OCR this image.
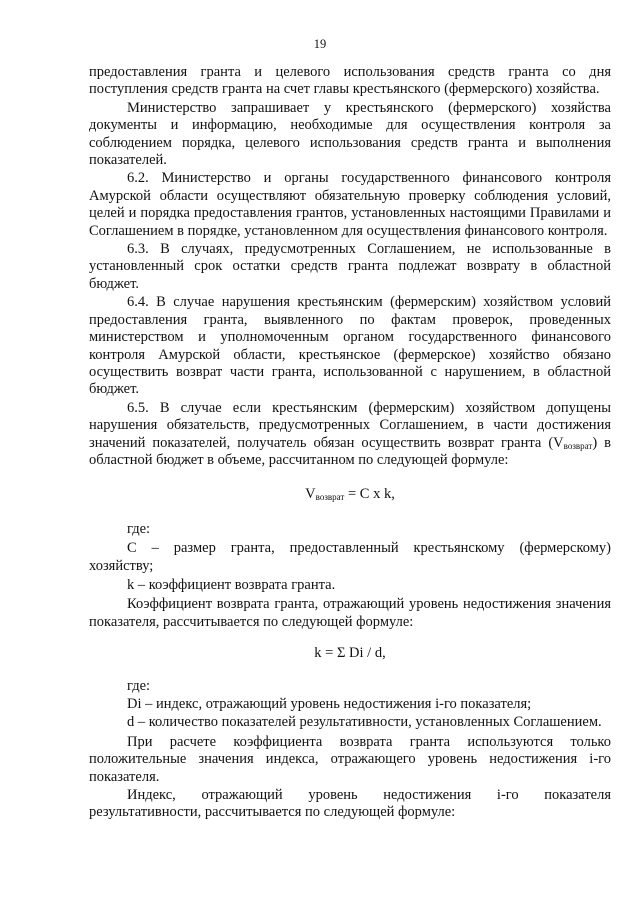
19

предоставления гранта и целевого использования средств гранта со дня поступления средств гранта на счет главы крестьянского (фермерского) хозяйства.

Министерство запрашивает у крестьянского (фермерского) хозяйства документы и информацию, необходимые для осуществления контроля за соблюдением порядка, целевого использования средств гранта и выполнения показателей.

6.2. Министерство и органы государственного финансового контроля Амурской области осуществляют обязательную проверку соблюдения условий, целей и порядка предоставления грантов, установленных настоящими Правилами и Соглашением в порядке, установленном для осуществления финансового контроля.

6.3. В случаях, предусмотренных Соглашением, не использованные в установленный срок остатки средств гранта подлежат возврату в областной бюджет.

6.4. В случае нарушения крестьянским (фермерским) хозяйством условий предоставления гранта, выявленного по фактам проверок, проведенных министерством и уполномоченным органом государственного финансового контроля Амурской области, крестьянское (фермерское) хозяйство обязано осуществить возврат части гранта, использованной с нарушением, в областной бюджет.

6.5. В случае если крестьянским (фермерским) хозяйством допущены нарушения обязательств, предусмотренных Соглашением, в части достижения значений показателей, получатель обязан осуществить возврат гранта $(V_{возврат})$ в областной бюджет в объеме, рассчитанном по следующей формуле:

$V_{возврат} = C$ x k,

где:

С – размер гранта, предоставленный крестьянскому (фермерскому) хозяйству;

k – коэффициент возврата гранта.

Коэффициент возврата гранта, отражающий уровень недостижения значения показателя, рассчитывается по следующей формуле:

k = Σ Di / d,

где:

Di – индекс, отражающий уровень недостижения i-го показателя;

d – количество показателей результативности, установленных Соглашением.

При расчете коэффициента возврата гранта используются только положительные значения индекса, отражающего уровень недостижения i-го показателя.

Индекс, отражающий уровень недостижения i-го показателя результативности, рассчитывается по следующей формуле:
